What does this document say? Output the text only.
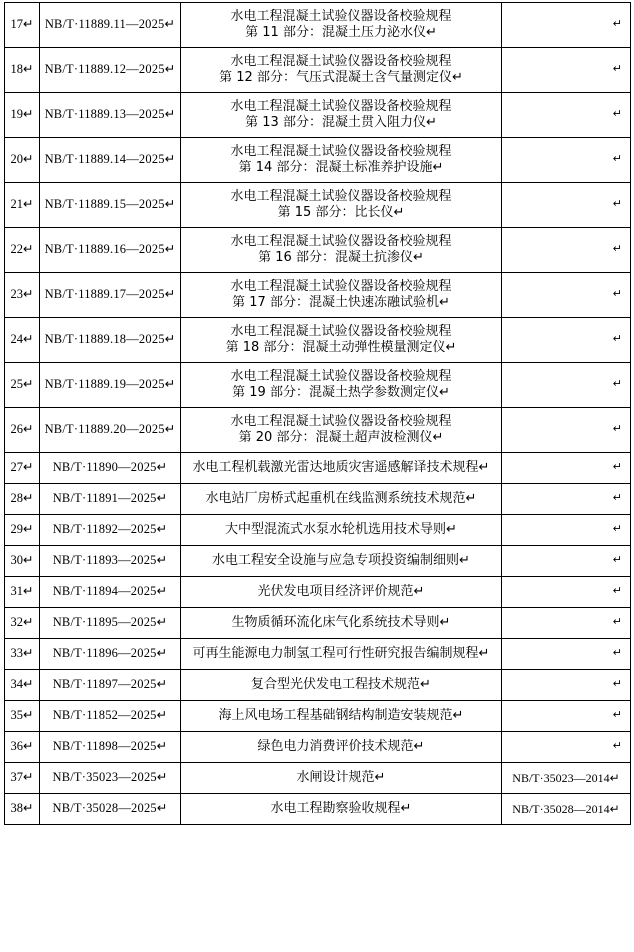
17↵	NB/T·11889.11—2025↵	水电工程混凝土试验仪器设备校验规程
第 11 部分：混凝土压力泌水仪↵	↵

18↵	NB/T·11889.12—2025↵	水电工程混凝土试验仪器设备校验规程
第 12 部分：气压式混凝土含气量测定仪↵	↵

19↵	NB/T·11889.13—2025↵	水电工程混凝土试验仪器设备校验规程
第 13 部分：混凝土贯入阻力仪↵	↵

20↵	NB/T·11889.14—2025↵	水电工程混凝土试验仪器设备校验规程
第 14 部分：混凝土标准养护设施↵	↵

21↵	NB/T·11889.15—2025↵	水电工程混凝土试验仪器设备校验规程
第 15 部分：比长仪↵	↵

22↵	NB/T·11889.16—2025↵	水电工程混凝土试验仪器设备校验规程
第 16 部分：混凝土抗渗仪↵	↵

23↵	NB/T·11889.17—2025↵	水电工程混凝土试验仪器设备校验规程
第 17 部分：混凝土快速冻融试验机↵	↵

24↵	NB/T·11889.18—2025↵	水电工程混凝土试验仪器设备校验规程
第 18 部分：混凝土动弹性模量测定仪↵	↵

25↵	NB/T·11889.19—2025↵	水电工程混凝土试验仪器设备校验规程
第 19 部分：混凝土热学参数测定仪↵	↵

26↵	NB/T·11889.20—2025↵	水电工程混凝土试验仪器设备校验规程
第 20 部分：混凝土超声波检测仪↵	↵

27↵	NB/T·11890—2025↵	水电工程机载激光雷达地质灾害遥感解译技术规程↵	↵

28↵	NB/T·11891—2025↵	水电站厂房桥式起重机在线监测系统技术规范↵	↵

29↵	NB/T·11892—2025↵	大中型混流式水泵水轮机选用技术导则↵	↵

30↵	NB/T·11893—2025↵	水电工程安全设施与应急专项投资编制细则↵	↵

31↵	NB/T·11894—2025↵	光伏发电项目经济评价规范↵	↵

32↵	NB/T·11895—2025↵	生物质循环流化床气化系统技术导则↵	↵

33↵	NB/T·11896—2025↵	可再生能源电力制氢工程可行性研究报告编制规程↵	↵

34↵	NB/T·11897—2025↵	复合型光伏发电工程技术规范↵	↵

35↵	NB/T·11852—2025↵	海上风电场工程基础钢结构制造安装规范↵	↵

36↵	NB/T·11898—2025↵	绿色电力消费评价技术规范↵	↵

37↵	NB/T·35023—2025↵	水闸设计规范↵	NB/T·35023—2014↵

38↵	NB/T·35028—2025↵	水电工程勘察验收规程↵	NB/T·35028—2014↵
